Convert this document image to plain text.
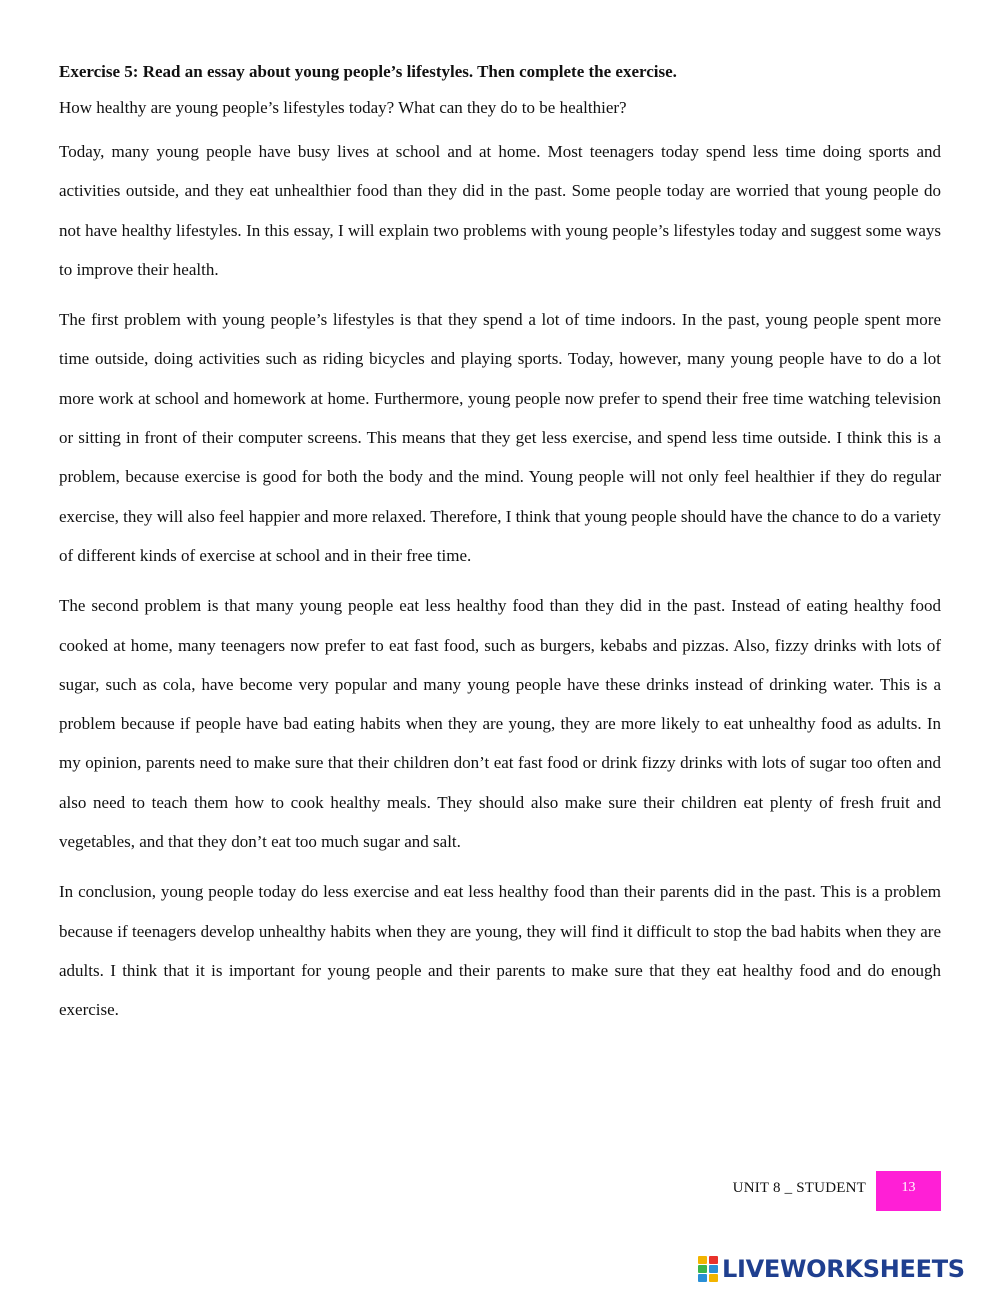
Exercise 5: Read an essay about young people’s lifestyles. Then complete the exercise.
How healthy are young people’s lifestyles today? What can they do to be healthier?
Today, many young people have busy lives at school and at home. Most teenagers today spend less time doing sports and activities outside, and they eat unhealthier food than they did in the past. Some people today are worried that young people do not have healthy lifestyles. In this essay, I will explain two problems with young people’s lifestyles today and suggest some ways to improve their health.
The first problem with young people’s lifestyles is that they spend a lot of time indoors. In the past, young people spent more time outside, doing activities such as riding bicycles and playing sports. Today, however, many young people have to do a lot more work at school and homework at home. Furthermore, young people now prefer to spend their free time watching television or sitting in front of their computer screens. This means that they get less exercise, and spend less time outside. I think this is a problem, because exercise is good for both the body and the mind. Young people will not only feel healthier if they do regular exercise, they will also feel happier and more relaxed. Therefore, I think that young people should have the chance to do a variety of different kinds of exercise at school and in their free time.
The second problem is that many young people eat less healthy food than they did in the past. Instead of eating healthy food cooked at home, many teenagers now prefer to eat fast food, such as burgers, kebabs and pizzas. Also, fizzy drinks with lots of sugar, such as cola, have become very popular and many young people have these drinks instead of drinking water. This is a problem because if people have bad eating habits when they are young, they are more likely to eat unhealthy food as adults. In my opinion, parents need to make sure that their children don’t eat fast food or drink fizzy drinks with lots of sugar too often and also need to teach them how to cook healthy meals. They should also make sure their children eat plenty of fresh fruit and vegetables, and that they don’t eat too much sugar and salt.
In conclusion, young people today do less exercise and eat less healthy food than their parents did in the past. This is a problem because if teenagers develop unhealthy habits when they are young, they will find it difficult to stop the bad habits when they are adults. I think that it is important for young people and their parents to make sure that they eat healthy food and do enough exercise.
UNIT 8 _ STUDENT	13
LIVEWORKSHEETS
